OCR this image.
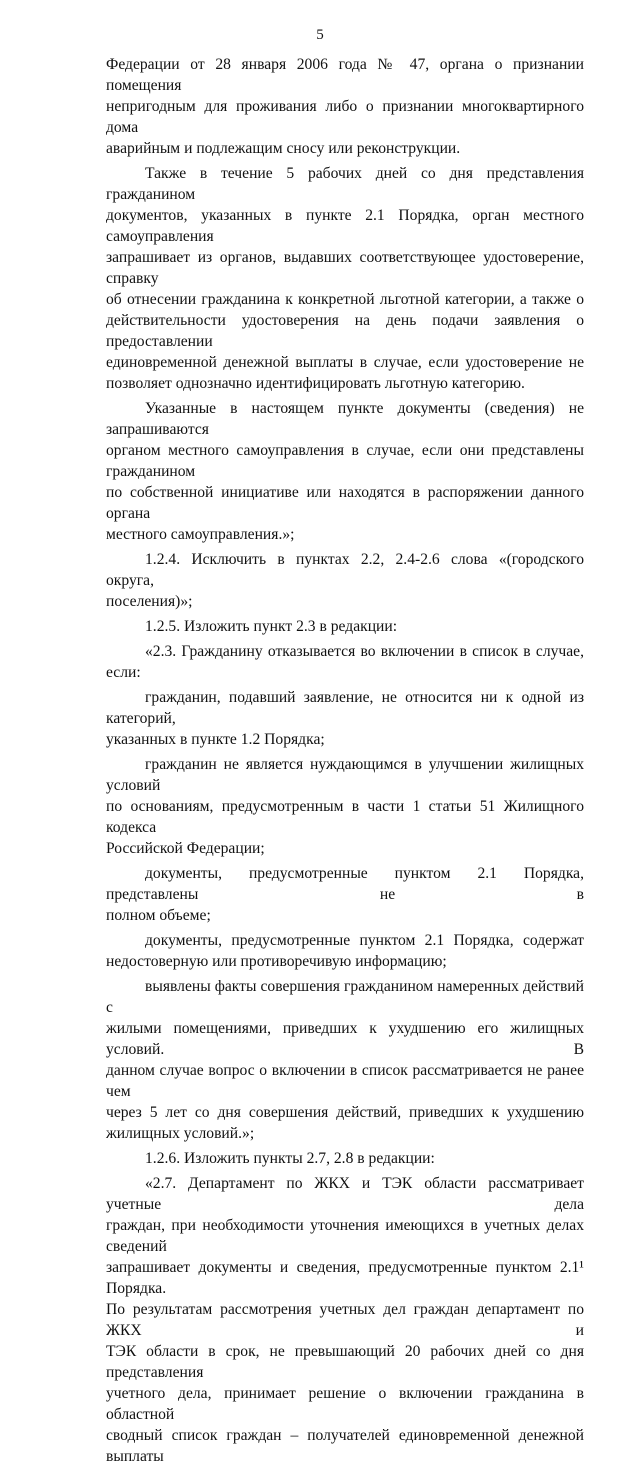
5
Федерации от 28 января 2006 года № 47, органа о признании помещения
непригодным для проживания либо о признании многоквартирного дома
аварийным и подлежащим сносу или реконструкции.
Также в течение 5 рабочих дней со дня представления гражданином
документов, указанных в пункте 2.1 Порядка, орган местного самоуправления
запрашивает из органов, выдавших соответствующее удостоверение, справку
об отнесении гражданина к конкретной льготной категории, а также о
действительности удостоверения на день подачи заявления о предоставлении
единовременной денежной выплаты в случае, если удостоверение не
позволяет однозначно идентифицировать льготную категорию.
Указанные в настоящем пункте документы (сведения) не запрашиваются
органом местного самоуправления в случае, если они представлены гражданином
по собственной инициативе или находятся в распоряжении данного органа
местного самоуправления.»;
1.2.4. Исключить в пунктах 2.2, 2.4-2.6 слова «(городского округа,
поселения)»;
1.2.5. Изложить пункт 2.3 в редакции:
«2.3. Гражданину отказывается во включении в список в случае, если:
гражданин, подавший заявление, не относится ни к одной из категорий,
указанных в пункте 1.2 Порядка;
гражданин не является нуждающимся в улучшении жилищных условий
по основаниям, предусмотренным в части 1 статьи 51 Жилищного кодекса
Российской Федерации;
документы, предусмотренные пунктом 2.1 Порядка, представлены не в
полном объеме;
документы, предусмотренные пунктом 2.1 Порядка, содержат
недостоверную или противоречивую информацию;
выявлены факты совершения гражданином намеренных действий с
жилыми помещениями, приведших к ухудшению его жилищных условий. В
данном случае вопрос о включении в список рассматривается не ранее чем
через 5 лет со дня совершения действий, приведших к ухудшению
жилищных условий.»;
1.2.6. Изложить пункты 2.7, 2.8 в редакции:
«2.7. Департамент по ЖКХ и ТЭК области рассматривает учетные дела
граждан, при необходимости уточнения имеющихся в учетных делах сведений
запрашивает документы и сведения, предусмотренные пунктом 2.1¹ Порядка.
По результатам рассмотрения учетных дел граждан департамент по ЖКХ и
ТЭК области в срок, не превышающий 20 рабочих дней со дня представления
учетного дела, принимает решение о включении гражданина в областной
сводный список граждан – получателей единовременной денежной выплаты
